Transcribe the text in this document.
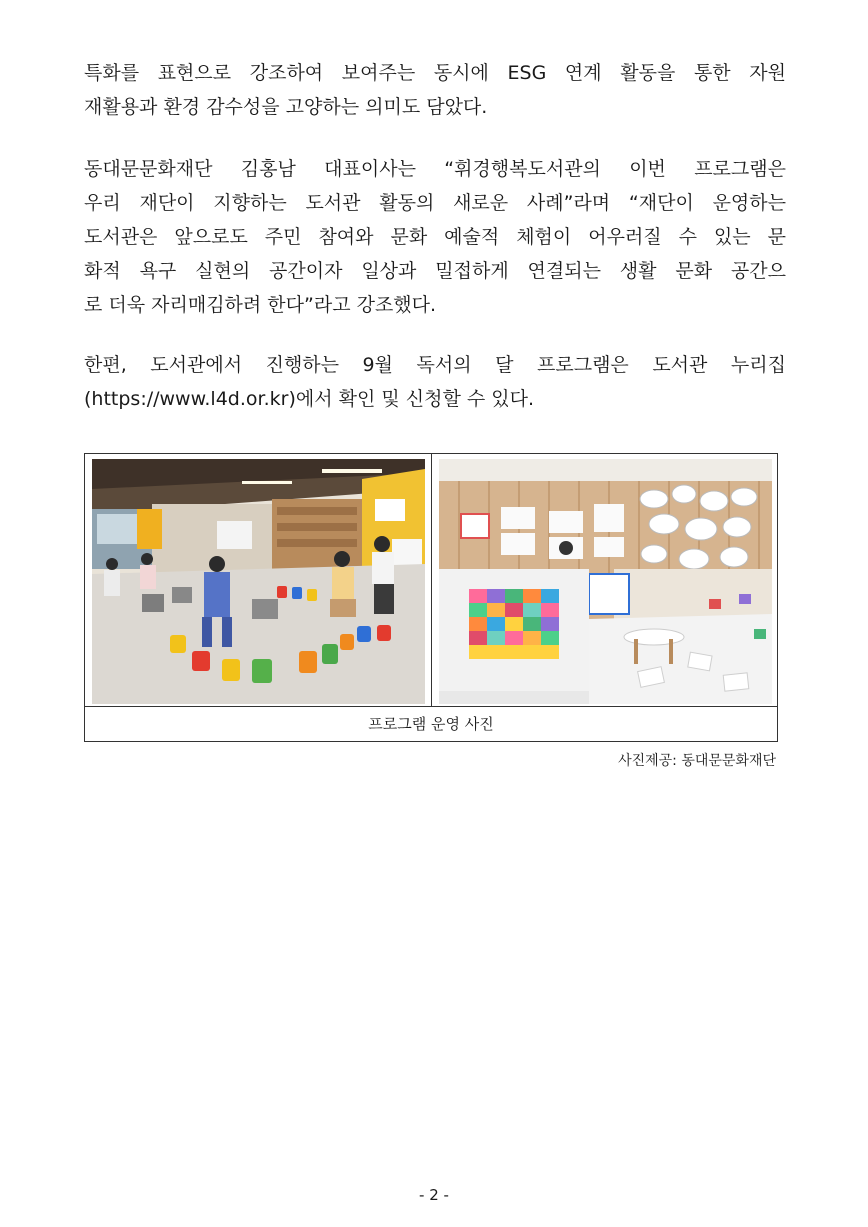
특화를 표현으로 강조하여 보여주는 동시에 ESG 연계 활동을 통한 자원
재활용과 환경 감수성을 고양하는 의미도 담았다.

동대문문화재단 김홍남 대표이사는 “휘경행복도서관의 이번 프로그램은
우리 재단이 지향하는 도서관 활동의 새로운 사례”라며 “재단이 운영하는
도서관은 앞으로도 주민 참여와 문화 예술적 체험이 어우러질 수 있는 문
화적 욕구 실현의 공간이자 일상과 밀접하게 연결되는 생활 문화 공간으
로 더욱 자리매김하려 한다”라고 강조했다.

한편, 도서관에서 진행하는 9월 독서의 달 프로그램은 도서관 누리집
(https://www.l4d.or.kr)에서 확인 및 신청할 수 있다.

프로그램 운영 사진
사진제공: 동대문문화재단
- 2 -
